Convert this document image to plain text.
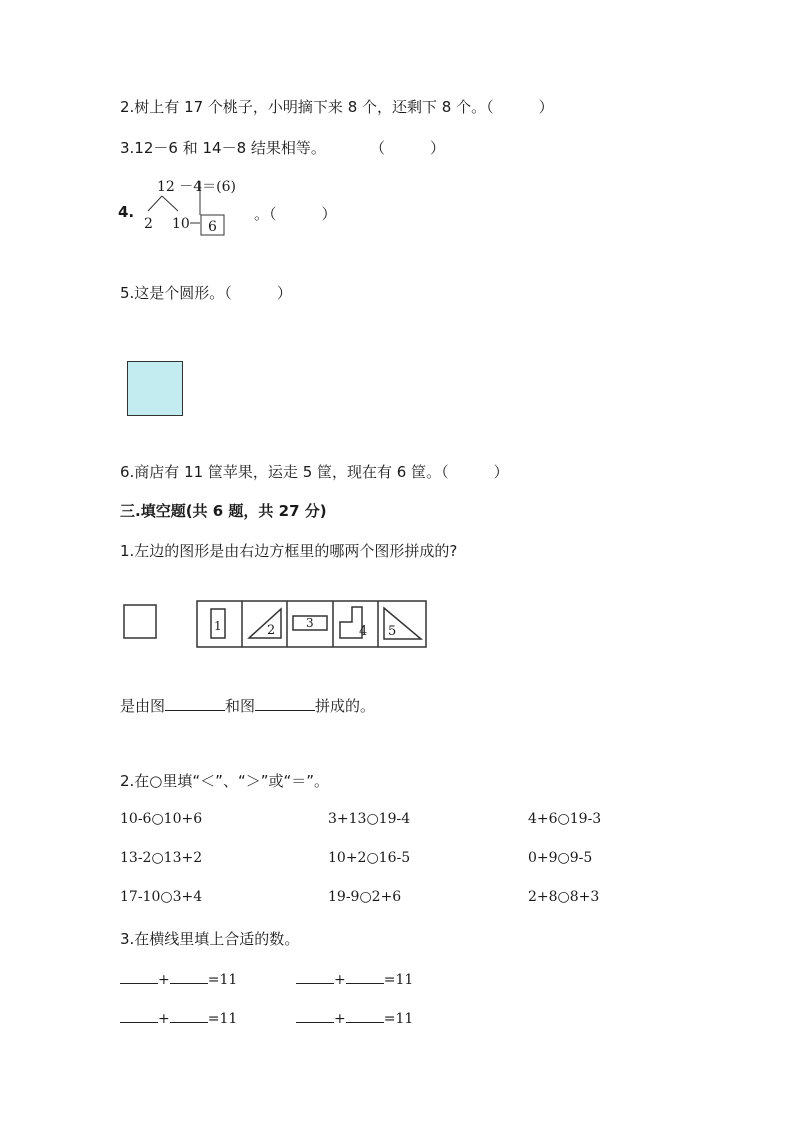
2.树上有 17 个桃子，小明摘下来 8 个，还剩下 8 个。（　　　）
3.12－6 和 14－8 结果相等。	（　　　）
4.
12 －4＝(6)
2 10 6
。（　　　）
5.这是个圆形。（　　　）
6.商店有 11 筐苹果，运走 5 筐，现在有 6 筐。（　　　）
三.填空题(共 6 题，共 27 分)
1.左边的图形是由右边方框里的哪两个图形拼成的?
1	2	3
4 5
是由图	和图	拼成的。
2.在○里填“＜”、“＞”或“＝”。
10-6○10+6	3+13○19-4	4+6○19-3
13-2○13+2	10+2○16-5	0+9○9-5
17-10○3+4	19-9○2+6	2+8○8+3
3.在横线里填上合适的数。
+	=11	+	=11
+	=11	+	=11
